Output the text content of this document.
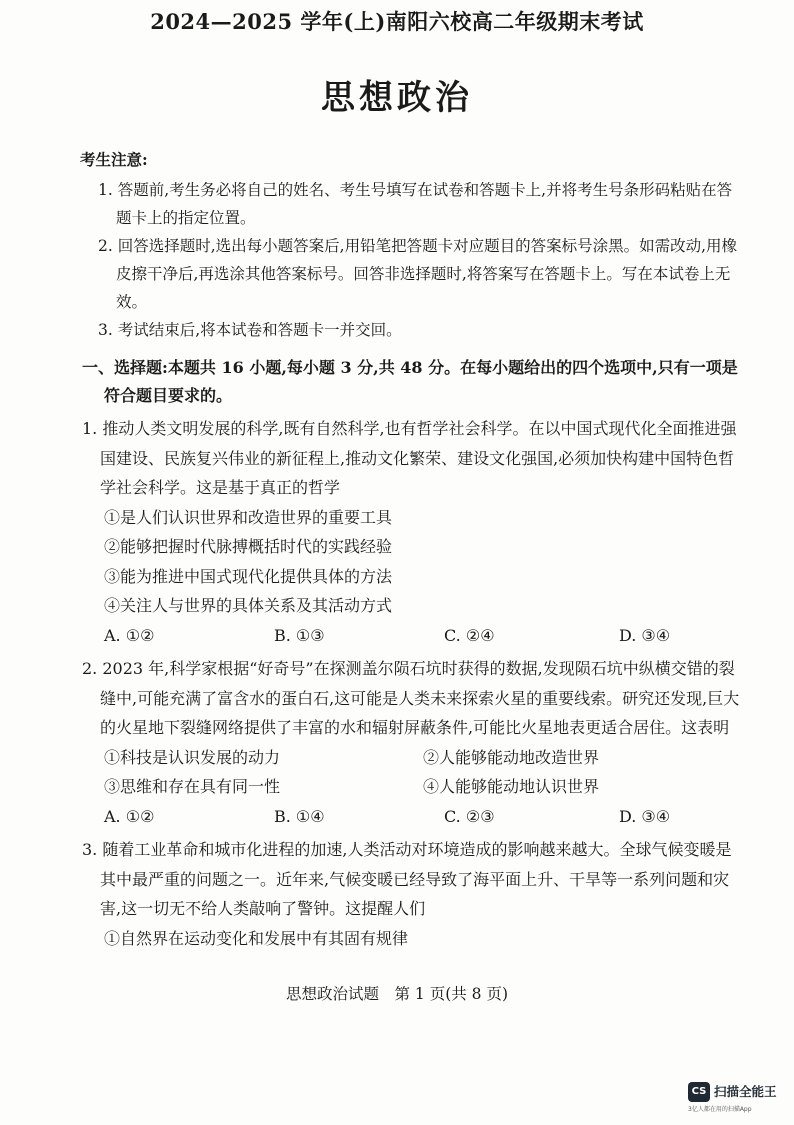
2024—2025 学年(上)南阳六校高二年级期末考试
思想政治
考生注意:
1. 答题前,考生务必将自己的姓名、考生号填写在试卷和答题卡上,并将考生号条形码粘贴在答题卡上的指定位置。
2. 回答选择题时,选出每小题答案后,用铅笔把答题卡对应题目的答案标号涂黑。如需改动,用橡皮擦干净后,再选涂其他答案标号。回答非选择题时,将答案写在答题卡上。写在本试卷上无效。
3. 考试结束后,将本试卷和答题卡一并交回。
一、选择题:本题共 16 小题,每小题 3 分,共 48 分。在每小题给出的四个选项中,只有一项是符合题目要求的。
1. 推动人类文明发展的科学,既有自然科学,也有哲学社会科学。在以中国式现代化全面推进强国建设、民族复兴伟业的新征程上,推动文化繁荣、建设文化强国,必须加快构建中国特色哲学社会科学。这是基于真正的哲学
①是人们认识世界和改造世界的重要工具
②能够把握时代脉搏概括时代的实践经验
③能为推进中国式现代化提供具体的方法
④关注人与世界的具体关系及其活动方式
A. ①②	B. ①③	C. ②④	D. ③④
2. 2023 年,科学家根据“好奇号”在探测盖尔陨石坑时获得的数据,发现陨石坑中纵横交错的裂缝中,可能充满了富含水的蛋白石,这可能是人类未来探索火星的重要线索。研究还发现,巨大的火星地下裂缝网络提供了丰富的水和辐射屏蔽条件,可能比火星地表更适合居住。这表明
①科技是认识发展的动力	②人能够能动地改造世界
③思维和存在具有同一性	④人能够能动地认识世界
A. ①②	B. ①④	C. ②③	D. ③④
3. 随着工业革命和城市化进程的加速,人类活动对环境造成的影响越来越大。全球气候变暖是其中最严重的问题之一。近年来,气候变暖已经导致了海平面上升、干旱等一系列问题和灾害,这一切无不给人类敲响了警钟。这提醒人们
①自然界在运动变化和发展中有其固有规律
思想政治试题　第 1 页(共 8 页)
CS 扫描全能王
3亿人都在用的扫描App
